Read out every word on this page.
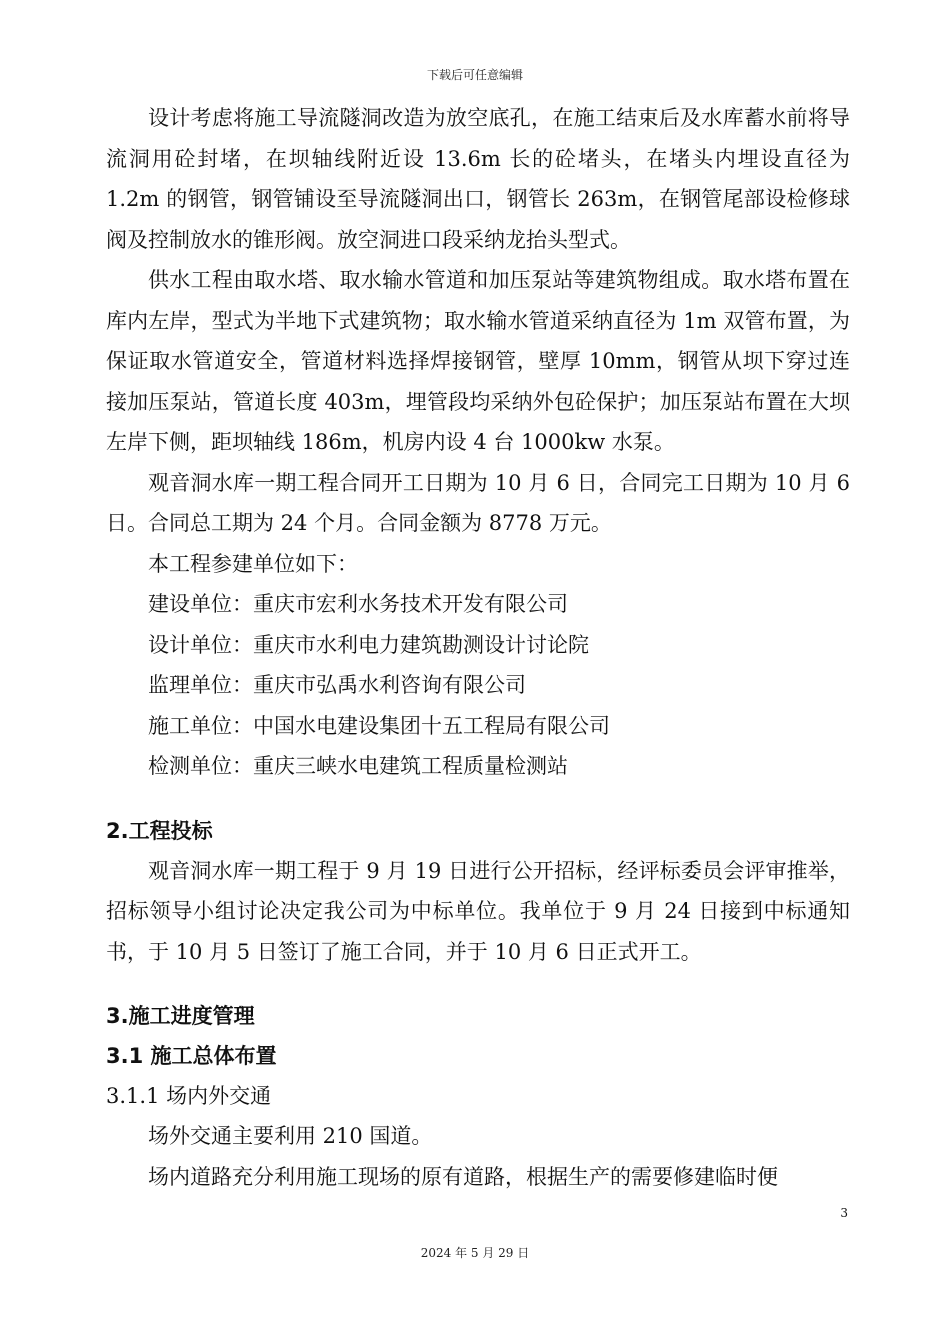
下载后可任意编辑

设计考虑将施工导流隧洞改造为放空底孔，在施工结束后及水库蓄水前将导流洞用砼封堵，在坝轴线附近设 13.6m 长的砼堵头，在堵头内埋设直径为 1.2m 的钢管，钢管铺设至导流隧洞出口，钢管长 263m，在钢管尾部设检修球阀及控制放水的锥形阀。放空洞进口段采纳龙抬头型式。

供水工程由取水塔、取水输水管道和加压泵站等建筑物组成。取水塔布置在库内左岸，型式为半地下式建筑物；取水输水管道采纳直径为 1m 双管布置，为保证取水管道安全，管道材料选择焊接钢管，壁厚 10mm，钢管从坝下穿过连接加压泵站，管道长度 403m，埋管段均采纳外包砼保护；加压泵站布置在大坝左岸下侧，距坝轴线 186m，机房内设 4 台 1000kw 水泵。

观音洞水库一期工程合同开工日期为 10 月 6 日，合同完工日期为 10 月 6 日。合同总工期为 24 个月。合同金额为 8778 万元。

本工程参建单位如下：

建设单位：重庆市宏利水务技术开发有限公司

设计单位：重庆市水利电力建筑勘测设计讨论院

监理单位：重庆市弘禹水利咨询有限公司

施工单位：中国水电建设集团十五工程局有限公司

检测单位：重庆三峡水电建筑工程质量检测站

2.工程投标

观音洞水库一期工程于 9 月 19 日进行公开招标，经评标委员会评审推举，招标领导小组讨论决定我公司为中标单位。我单位于 9 月 24 日接到中标通知书，于 10 月 5 日签订了施工合同，并于 10 月 6 日正式开工。

3.施工进度管理

3.1 施工总体布置

3.1.1 场内外交通

场外交通主要利用 210 国道。

场内道路充分利用施工现场的原有道路，根据生产的需要修建临时便

3
2024 年 5 月 29 日
